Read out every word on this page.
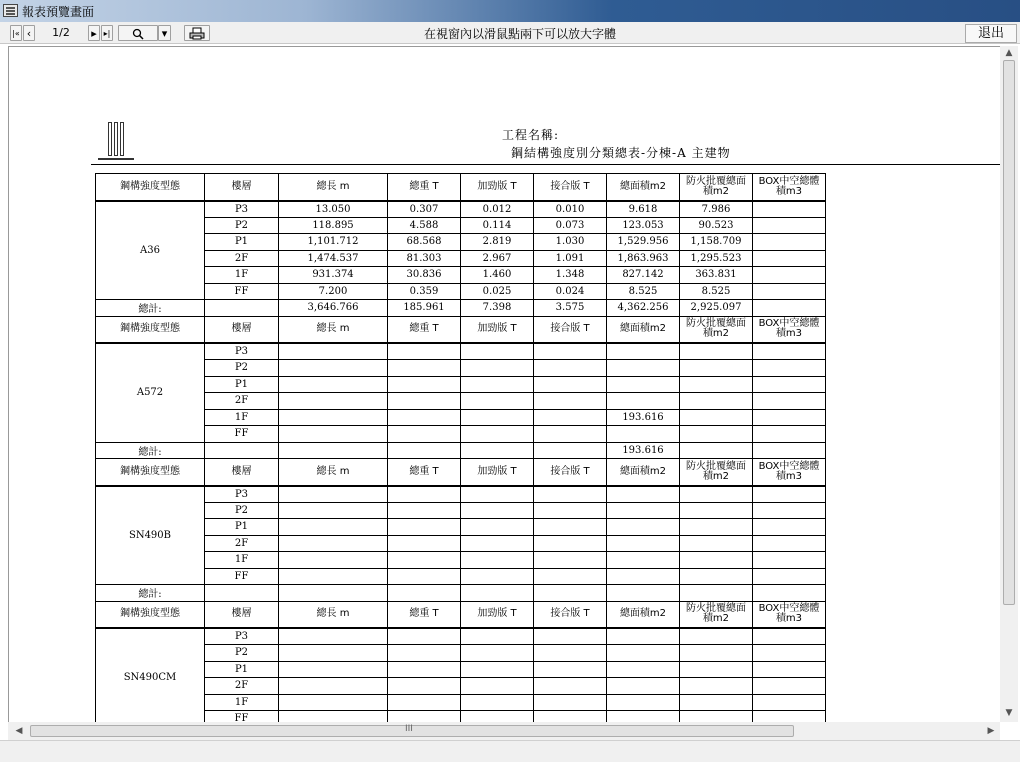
報表預覽畫面
|« ‹	1/2	▸ ▸|	▾	在視窗內以滑鼠點兩下可以放大字體	退出
工程名稱:
鋼結構強度別分類總表-分棟-A 主建物
鋼構強度型態	樓層	總長 m	總重 T	加勁版 T	接合版 T	總面積m2	防火批覆總面積m2	BOX中空總體積m3
A36	P3	13.050	0.307	0.012	0.010	9.618	7.986	
	P2	118.895	4.588	0.114	0.073	123.053	90.523	
	P1	1,101.712	68.568	2.819	1.030	1,529.956	1,158.709	
	2F	1,474.537	81.303	2.967	1.091	1,863.963	1,295.523	
	1F	931.374	30.836	1.460	1.348	827.142	363.831	
	FF	7.200	0.359	0.025	0.024	8.525	8.525	
總計:		3,646.766	185.961	7.398	3.575	4,362.256	2,925.097	
鋼構強度型態	樓層	總長 m	總重 T	加勁版 T	接合版 T	總面積m2	防火批覆總面積m2	BOX中空總體積m3
A572	P3							
	P2							
	P1							
	2F							
	1F					193.616		
	FF							
總計:						193.616		
鋼構強度型態	樓層	總長 m	總重 T	加勁版 T	接合版 T	總面積m2	防火批覆總面積m2	BOX中空總體積m3
SN490B	P3							
	P2							
	P1							
	2F							
	1F							
	FF							
總計:								
鋼構強度型態	樓層	總長 m	總重 T	加勁版 T	接合版 T	總面積m2	防火批覆總面積m2	BOX中空總體積m3
SN490CM	P3							
	P2							
	P1							
	2F							
	1F							
	FF							
▲
▼
◀	III	▶
